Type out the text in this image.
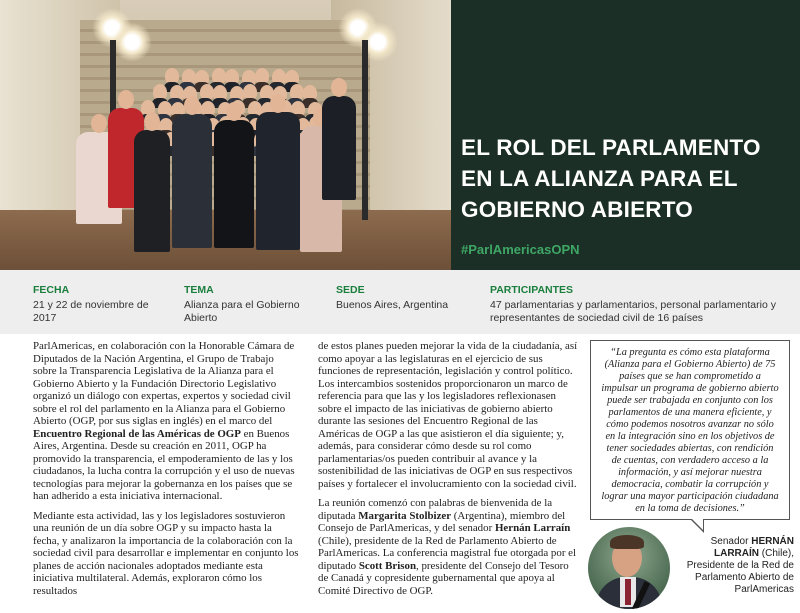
EL ROL DEL PARLAMENTO
EN LA ALIANZA PARA EL
GOBIERNO ABIERTO
#ParlAmericasOPN
FECHA
21 y 22 de noviembre de 2017
TEMA
Alianza para el Gobierno Abierto
SEDE
Buenos Aires, Argentina
PARTICIPANTES
47 parlamentarias y parlamentarios, personal parlamentario y representantes de sociedad civil de 16 países

ParlAmericas, en colaboración con la Honorable Cámara de Diputados de la Nación Argentina, el Grupo de Trabajo sobre la Transparencia Legislativa de la Alianza para el Gobierno Abierto y la Fundación Directorio Legislativo organizó un diálogo con expertas, expertos y sociedad civil sobre el rol del parlamento en la Alianza para el Gobierno Abierto (OGP, por sus siglas en inglés) en el marco del Encuentro Regional de las Américas de OGP en Buenos Aires, Argentina. Desde su creación en 2011, OGP ha promovido la transparencia, el empoderamiento de las y los ciudadanos, la lucha contra la corrupción y el uso de nuevas tecnologías para mejorar la gobernanza en los países que se han adherido a esta iniciativa internacional.

Mediante esta actividad, las y los legisladores sostuvieron una reunión de un día sobre OGP y su impacto hasta la fecha, y analizaron la importancia de la colaboración con la sociedad civil para desarrollar e implementar en conjunto los planes de acción nacionales adoptados mediante esta iniciativa multilateral. Además, exploraron cómo los resultados

de estos planes pueden mejorar la vida de la ciudadanía, así como apoyar a las legislaturas en el ejercicio de sus funciones de representación, legislación y control político. Los intercambios sostenidos proporcionaron un marco de referencia para que las y los legisladores reflexionasen sobre el impacto de las iniciativas de gobierno abierto durante las sesiones del Encuentro Regional de las Américas de OGP a las que asistieron el día siguiente; y, además, para considerar cómo desde su rol como parlamentarias/os pueden contribuir al avance y la sostenibilidad de las iniciativas de OGP en sus respectivos países y fortalecer el involucramiento con la sociedad civil.

La reunión comenzó con palabras de bienvenida de la diputada Margarita Stolbizer (Argentina), miembro del Consejo de ParlAmericas, y del senador Hernán Larraín (Chile), presidente de la Red de Parlamento Abierto de ParlAmericas. La conferencia magistral fue otorgada por el diputado Scott Brison, presidente del Consejo del Tesoro de Canadá y copresidente gubernamental que apoya al Comité Directivo de OGP.

“La pregunta es cómo esta plataforma (Alianza para el Gobierno Abierto) de 75 países que se han comprometido a impulsar un programa de gobierno abierto puede ser trabajada en conjunto con los parlamentos de una manera eficiente, y cómo podemos nosotros avanzar no sólo en la integración sino en los objetivos de tener sociedades abiertas, con rendición de cuentas, con verdadero acceso a la información, y así mejorar nuestra democracia, combatir la corrupción y lograr una mayor participación ciudadana en la toma de decisiones.”
Senador HERNÁN LARRAÍN (Chile), Presidente de la Red de Parlamento Abierto de ParlAmericas
